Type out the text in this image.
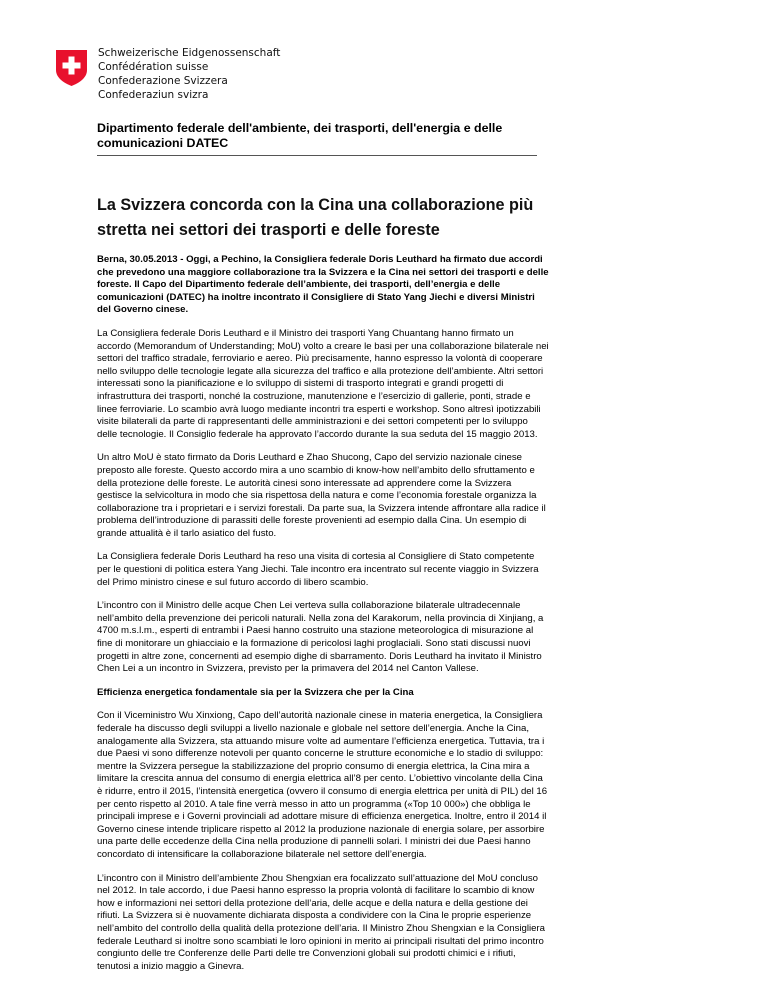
Schweizerische Eidgenossenschaft
Confédération suisse
Confederazione Svizzera
Confederaziun svizra
Dipartimento federale dell'ambiente, dei trasporti, dell'energia e delle comunicazioni DATEC
La Svizzera concorda con la Cina una collaborazione più stretta nei settori dei trasporti e delle foreste

Berna, 30.05.2013 - Oggi, a Pechino, la Consigliera federale Doris Leuthard ha firmato due accordi che prevedono una maggiore collaborazione tra la Svizzera e la Cina nei settori dei trasporti e delle foreste. Il Capo del Dipartimento federale dell’ambiente, dei trasporti, dell’energia e delle comunicazioni (DATEC) ha inoltre incontrato il Consigliere di Stato Yang Jiechi e diversi Ministri del Governo cinese.

La Consigliera federale Doris Leuthard e il Ministro dei trasporti Yang Chuantang hanno firmato un accordo (Memorandum of Understanding; MoU) volto a creare le basi per una collaborazione bilaterale nei settori del traffico stradale, ferroviario e aereo. Più precisamente, hanno espresso la volontà di cooperare nello sviluppo delle tecnologie legate alla sicurezza del traffico e alla protezione dell’ambiente. Altri settori interessati sono la pianificazione e lo sviluppo di sistemi di trasporto integrati e grandi progetti di infrastruttura dei trasporti, nonché la costruzione, manutenzione e l’esercizio di gallerie, ponti, strade e linee ferroviarie. Lo scambio avrà luogo mediante incontri tra esperti e workshop. Sono altresì ipotizzabili visite bilaterali da parte di rappresentanti delle amministrazioni e dei settori competenti per lo sviluppo delle tecnologie. Il Consiglio federale ha approvato l’accordo durante la sua seduta del 15 maggio 2013.

Un altro MoU è stato firmato da Doris Leuthard e Zhao Shucong, Capo del servizio nazionale cinese preposto alle foreste. Questo accordo mira a uno scambio di know-how nell’ambito dello sfruttamento e della protezione delle foreste. Le autorità cinesi sono interessate ad apprendere come la Svizzera gestisce la selvicoltura in modo che sia rispettosa della natura e come l’economia forestale organizza la collaborazione tra i proprietari e i servizi forestali. Da parte sua, la Svizzera intende affrontare alla radice il problema dell’introduzione di parassiti delle foreste provenienti ad esempio dalla Cina. Un esempio di grande attualità è il tarlo asiatico del fusto.

La Consigliera federale Doris Leuthard ha reso una visita di cortesia al Consigliere di Stato competente per le questioni di politica estera Yang Jiechi. Tale incontro era incentrato sul recente viaggio in Svizzera del Primo ministro cinese e sul futuro accordo di libero scambio.

L’incontro con il Ministro delle acque Chen Lei verteva sulla collaborazione bilaterale ultradecennale nell’ambito della prevenzione dei pericoli naturali. Nella zona del Karakorum, nella provincia di Xinjiang, a 4700 m.s.l.m., esperti di entrambi i Paesi hanno costruito una stazione meteorologica di misurazione al fine di monitorare un ghiacciaio e la formazione di pericolosi laghi proglaciali. Sono stati discussi nuovi progetti in altre zone, concernenti ad esempio dighe di sbarramento. Doris Leuthard ha invitato il Ministro Chen Lei a un incontro in Svizzera, previsto per la primavera del 2014 nel Canton Vallese.

Efficienza energetica fondamentale sia per la Svizzera che per la Cina

Con il Viceministro Wu Xinxiong, Capo dell’autorità nazionale cinese in materia energetica, la Consigliera federale ha discusso degli sviluppi a livello nazionale e globale nel settore dell’energia. Anche la Cina, analogamente alla Svizzera, sta attuando misure volte ad aumentare l’efficienza energetica. Tuttavia, tra i due Paesi vi sono differenze notevoli per quanto concerne le strutture economiche e lo stadio di sviluppo: mentre la Svizzera persegue la stabilizzazione del proprio consumo di energia elettrica, la Cina mira a limitare la crescita annua del consumo di energia elettrica all’8 per cento. L’obiettivo vincolante della Cina è ridurre, entro il 2015, l’intensità energetica (ovvero il consumo di energia elettrica per unità di PIL) del 16 per cento rispetto al 2010. A tale fine verrà messo in atto un programma («Top 10 000») che obbliga le principali imprese e i Governi provinciali ad adottare misure di efficienza energetica. Inoltre, entro il 2014 il Governo cinese intende triplicare rispetto al 2012 la produzione nazionale di energia solare, per assorbire una parte delle eccedenze della Cina nella produzione di pannelli solari. I ministri dei due Paesi hanno concordato di intensificare la collaborazione bilaterale nel settore dell’energia.

L’incontro con il Ministro dell’ambiente Zhou Shengxian era focalizzato sull’attuazione del MoU concluso nel 2012. In tale accordo, i due Paesi hanno espresso la propria volontà di facilitare lo scambio di know how e informazioni nei settori della protezione dell’aria, delle acque e della natura e della gestione dei rifiuti. La Svizzera si è nuovamente dichiarata disposta a condividere con la Cina le proprie esperienze nell’ambito del controllo della qualità della protezione dell’aria. Il Ministro Zhou Shengxian e la Consigliera federale Leuthard si inoltre sono scambiati le loro opinioni in merito ai principali risultati del primo incontro congiunto delle tre Conferenze delle Parti delle tre Convenzioni globali sui prodotti chimici e i rifiuti, tenutosi a inizio maggio a Ginevra.
